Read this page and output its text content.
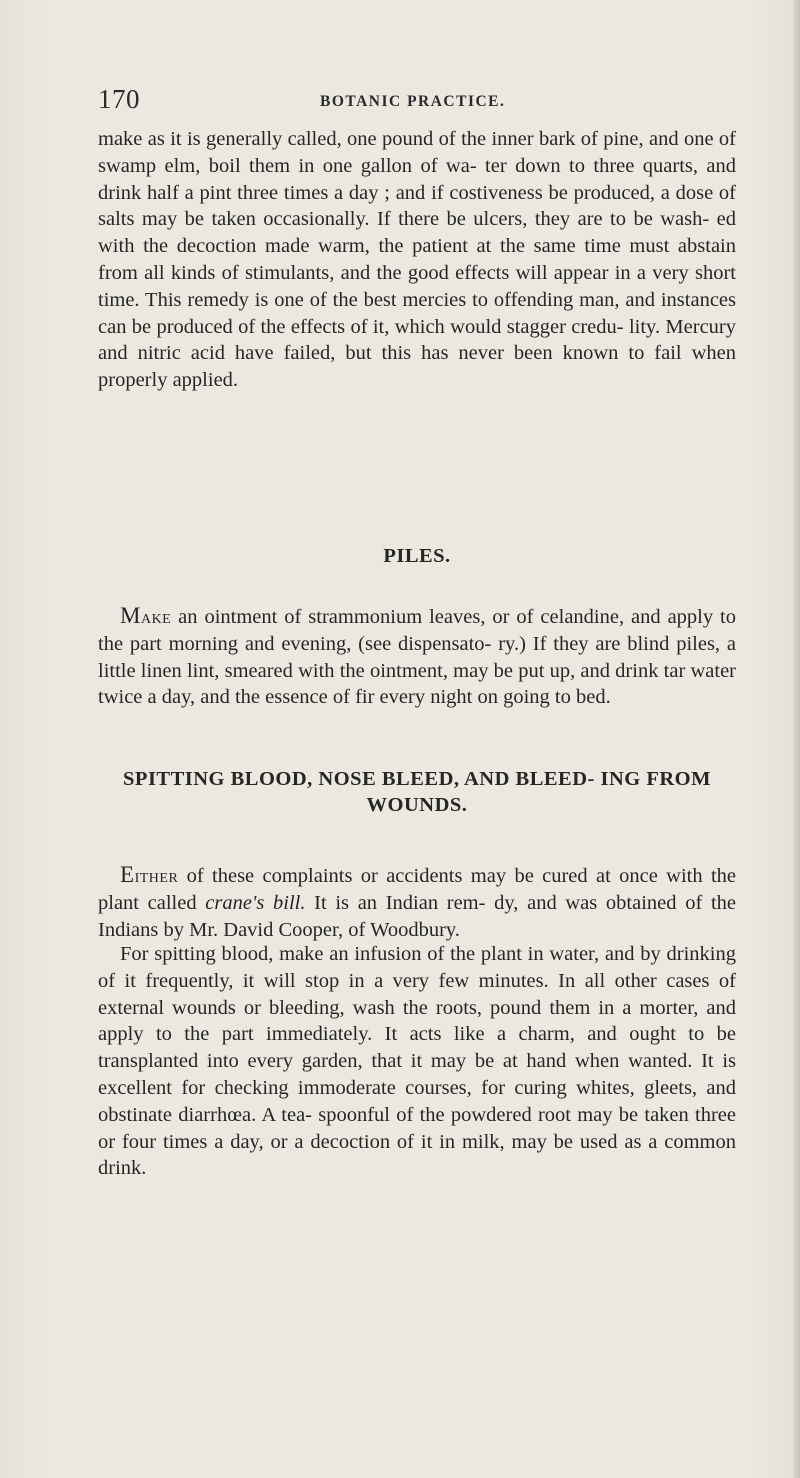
170	BOTANIC PRACTICE.

make as it is generally called, one pound of the inner bark of pine, and one of swamp elm, boil them in one gallon of wa- ter down to three quarts, and drink half a pint three times a day ; and if costiveness be produced, a dose of salts may be taken occasionally. If there be ulcers, they are to be wash- ed with the decoction made warm, the patient at the same time must abstain from all kinds of stimulants, and the good effects will appear in a very short time. This remedy is one of the best mercies to offending man, and instances can be produced of the effects of it, which would stagger credu- lity. Mercury and nitric acid have failed, but this has never been known to fail when properly applied.

PILES.

Make an ointment of strammonium leaves, or of celandine, and apply to the part morning and evening, (see dispensato- ry.) If they are blind piles, a little linen lint, smeared with the ointment, may be put up, and drink tar water twice a day, and the essence of fir every night on going to bed.

SPITTING BLOOD, NOSE BLEED, AND BLEED- ING FROM WOUNDS.

Either of these complaints or accidents may be cured at once with the plant called crane's bill. It is an Indian rem- dy, and was obtained of the Indians by Mr. David Cooper, of Woodbury.

For spitting blood, make an infusion of the plant in water, and by drinking of it frequently, it will stop in a very few minutes. In all other cases of external wounds or bleeding, wash the roots, pound them in a morter, and apply to the part immediately. It acts like a charm, and ought to be transplanted into every garden, that it may be at hand when wanted. It is excellent for checking immoderate courses, for curing whites, gleets, and obstinate diarrhœa. A tea- spoonful of the powdered root may be taken three or four times a day, or a decoction of it in milk, may be used as a common drink.
